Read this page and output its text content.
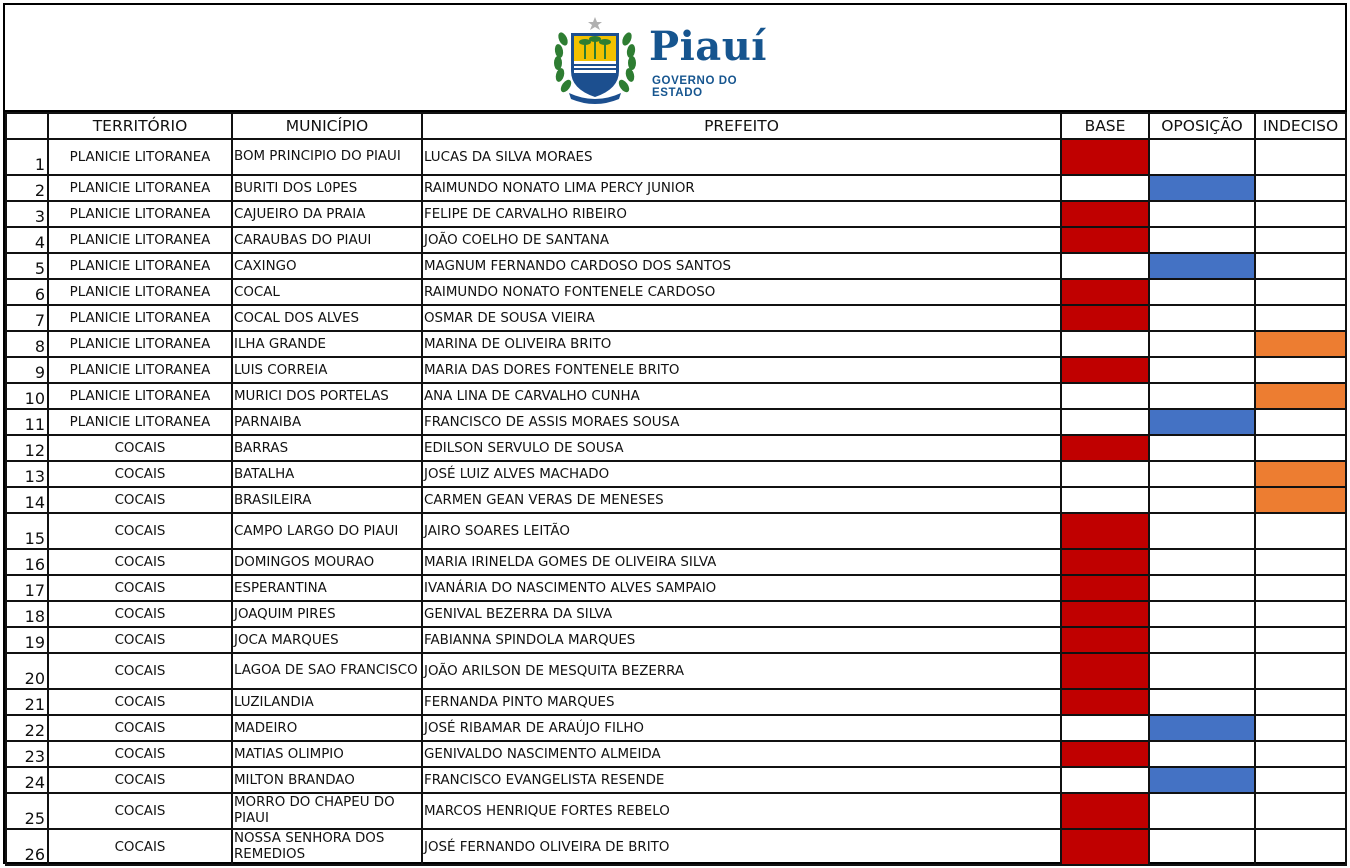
Piauí
GOVERNO DO ESTADO
	TERRITÓRIO	MUNICÍPIO	PREFEITO	BASE	OPOSIÇÃO	INDECISO
1	PLANICIE LITORANEA	BOM PRINCIPIO DO PIAUI	LUCAS DA SILVA MORAES			
2	PLANICIE LITORANEA	BURITI DOS L0PES	RAIMUNDO NONATO LIMA PERCY JUNIOR			
3	PLANICIE LITORANEA	CAJUEIRO DA PRAIA	FELIPE DE CARVALHO RIBEIRO			
4	PLANICIE LITORANEA	CARAUBAS DO PIAUI	JOÃO COELHO DE SANTANA			
5	PLANICIE LITORANEA	CAXINGO	MAGNUM FERNANDO CARDOSO DOS SANTOS			
6	PLANICIE LITORANEA	COCAL	RAIMUNDO NONATO FONTENELE CARDOSO			
7	PLANICIE LITORANEA	COCAL DOS ALVES	OSMAR DE SOUSA VIEIRA			
8	PLANICIE LITORANEA	ILHA GRANDE	MARINA DE OLIVEIRA BRITO			
9	PLANICIE LITORANEA	LUIS CORREIA	MARIA DAS DORES FONTENELE BRITO			
10	PLANICIE LITORANEA	MURICI DOS PORTELAS	ANA LINA DE CARVALHO CUNHA			
11	PLANICIE LITORANEA	PARNAIBA	FRANCISCO DE ASSIS MORAES SOUSA			
12	COCAIS	BARRAS	EDILSON SERVULO DE SOUSA			
13	COCAIS	BATALHA	JOSÉ LUIZ ALVES MACHADO			
14	COCAIS	BRASILEIRA	CARMEN GEAN VERAS DE MENESES			
15	COCAIS	CAMPO LARGO DO PIAUI	JAIRO SOARES LEITÃO			
16	COCAIS	DOMINGOS MOURAO	MARIA IRINELDA GOMES DE OLIVEIRA SILVA			
17	COCAIS	ESPERANTINA	IVANÁRIA DO NASCIMENTO ALVES SAMPAIO			
18	COCAIS	JOAQUIM PIRES	GENIVAL BEZERRA DA SILVA			
19	COCAIS	JOCA MARQUES	FABIANNA SPINDOLA MARQUES			
20	COCAIS	LAGOA DE SAO FRANCISCO	JOÃO ARILSON DE MESQUITA BEZERRA			
21	COCAIS	LUZILANDIA	FERNANDA PINTO MARQUES			
22	COCAIS	MADEIRO	JOSÉ RIBAMAR DE ARAÚJO FILHO			
23	COCAIS	MATIAS OLIMPIO	GENIVALDO NASCIMENTO ALMEIDA			
24	COCAIS	MILTON BRANDAO	FRANCISCO EVANGELISTA RESENDE			
25	COCAIS	MORRO DO CHAPEU DO PIAUI	MARCOS HENRIQUE FORTES REBELO			
26	COCAIS	NOSSA SENHORA DOS REMEDIOS	JOSÉ FERNANDO OLIVEIRA DE BRITO			
